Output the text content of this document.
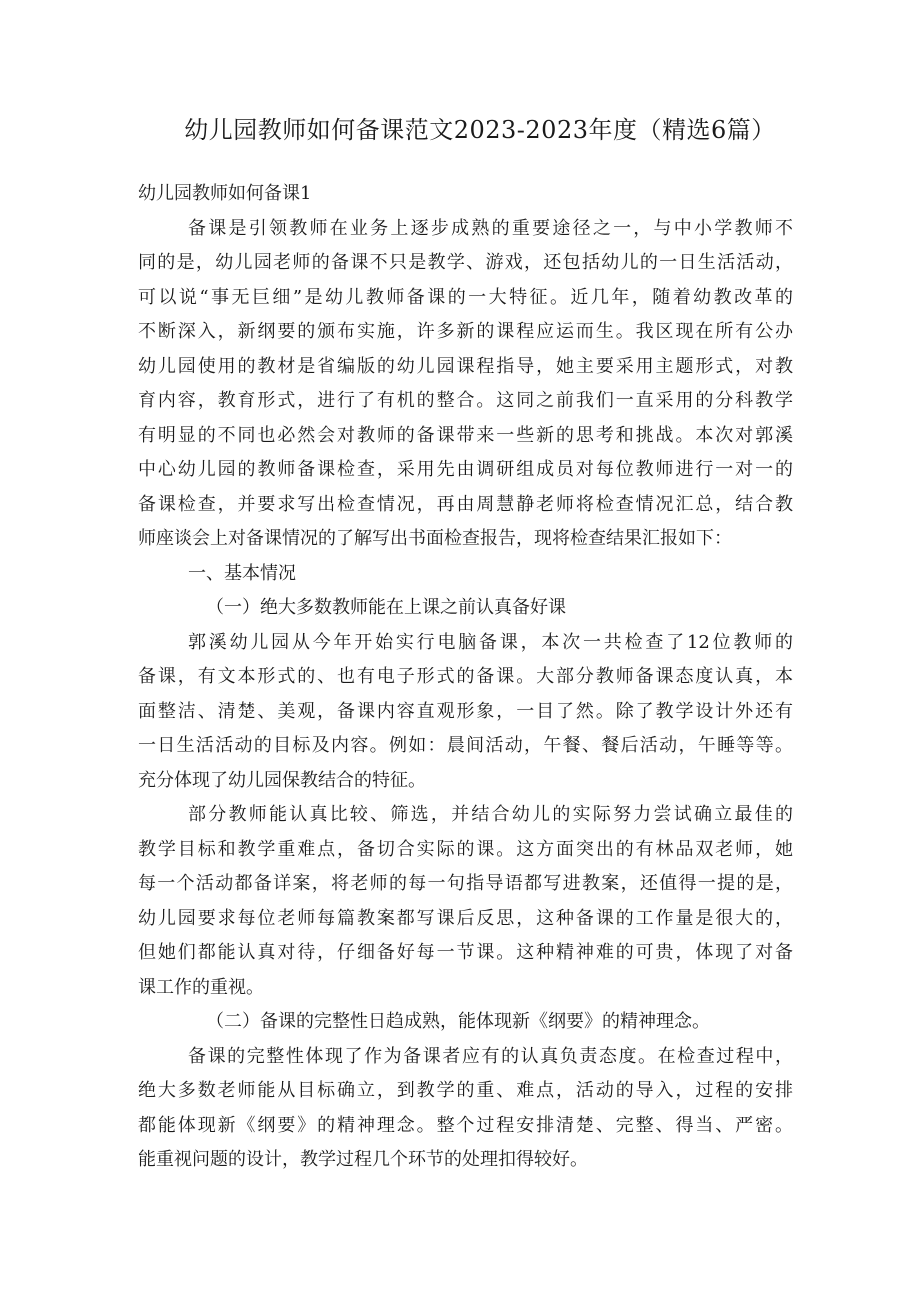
幼儿园教师如何备课范文2023-2023年度（精选6篇）
幼儿园教师如何备课1
备课是引领教师在业务上逐步成熟的重要途径之一，与中小学教师不
同的是，幼儿园老师的备课不只是教学、游戏，还包括幼儿的一日生活活动，
可以说“事无巨细”是幼儿教师备课的一大特征。近几年，随着幼教改革的
不断深入，新纲要的颁布实施，许多新的课程应运而生。我区现在所有公办
幼儿园使用的教材是省编版的幼儿园课程指导，她主要采用主题形式，对教
育内容，教育形式，进行了有机的整合。这同之前我们一直采用的分科教学
有明显的不同也必然会对教师的备课带来一些新的思考和挑战。本次对郭溪
中心幼儿园的教师备课检查，采用先由调研组成员对每位教师进行一对一的
备课检查，并要求写出检查情况，再由周慧静老师将检查情况汇总，结合教
师座谈会上对备课情况的了解写出书面检查报告，现将检查结果汇报如下：
一、基本情况
（一）绝大多数教师能在上课之前认真备好课
郭溪幼儿园从今年开始实行电脑备课，本次一共检查了12位教师的
备课，有文本形式的、也有电子形式的备课。大部分教师备课态度认真，本
面整洁、清楚、美观，备课内容直观形象，一目了然。除了教学设计外还有
一日生活活动的目标及内容。例如：晨间活动，午餐、餐后活动，午睡等等。
充分体现了幼儿园保教结合的特征。
部分教师能认真比较、筛选，并结合幼儿的实际努力尝试确立最佳的
教学目标和教学重难点，备切合实际的课。这方面突出的有林品双老师，她
每一个活动都备详案，将老师的每一句指导语都写进教案，还值得一提的是，
幼儿园要求每位老师每篇教案都写课后反思，这种备课的工作量是很大的，
但她们都能认真对待，仔细备好每一节课。这种精神难的可贵，体现了对备
课工作的重视。
（二）备课的完整性日趋成熟，能体现新《纲要》的精神理念。
备课的完整性体现了作为备课者应有的认真负责态度。在检查过程中，
绝大多数老师能从目标确立，到教学的重、难点，活动的导入，过程的安排
都能体现新《纲要》的精神理念。整个过程安排清楚、完整、得当、严密。
能重视问题的设计，教学过程几个环节的处理扣得较好。
